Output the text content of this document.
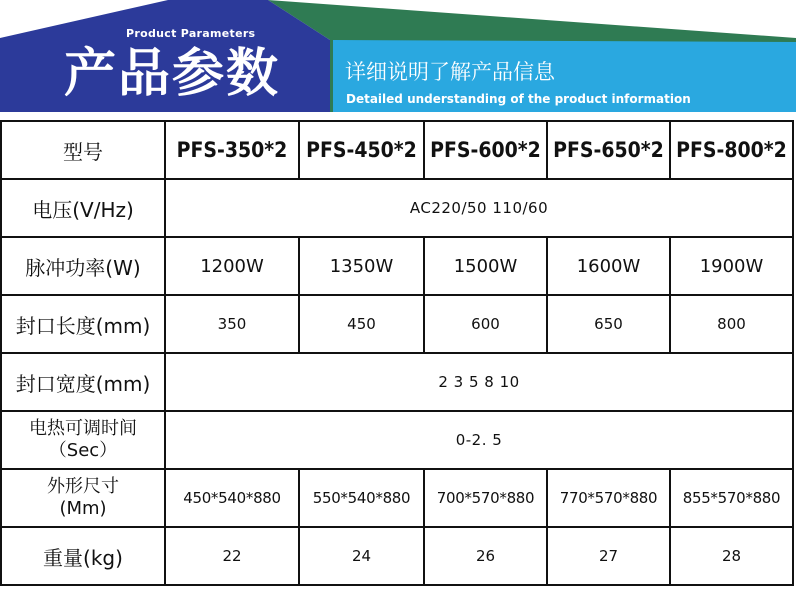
Product Parameters
产品参数	详细说明了解产品信息
Detailed understanding of the product information
型号	PFS-350*2	PFS-450*2	PFS-600*2	PFS-650*2	PFS-800*2
电压(V/Hz)	AC220/50 110/60				
脉冲功率(W)	1200W	1350W	1500W	1600W	1900W
封口长度(mm)	350	450	600	650	800
封口宽度(mm)	2 3 5 8 10				

电热可调时间
（Sec）	0-2. 5				

外形尺寸
(Mm)	450*540*880	550*540*880	700*570*880	770*570*880	855*570*880
重量(kg)	22	24	26	27	28
